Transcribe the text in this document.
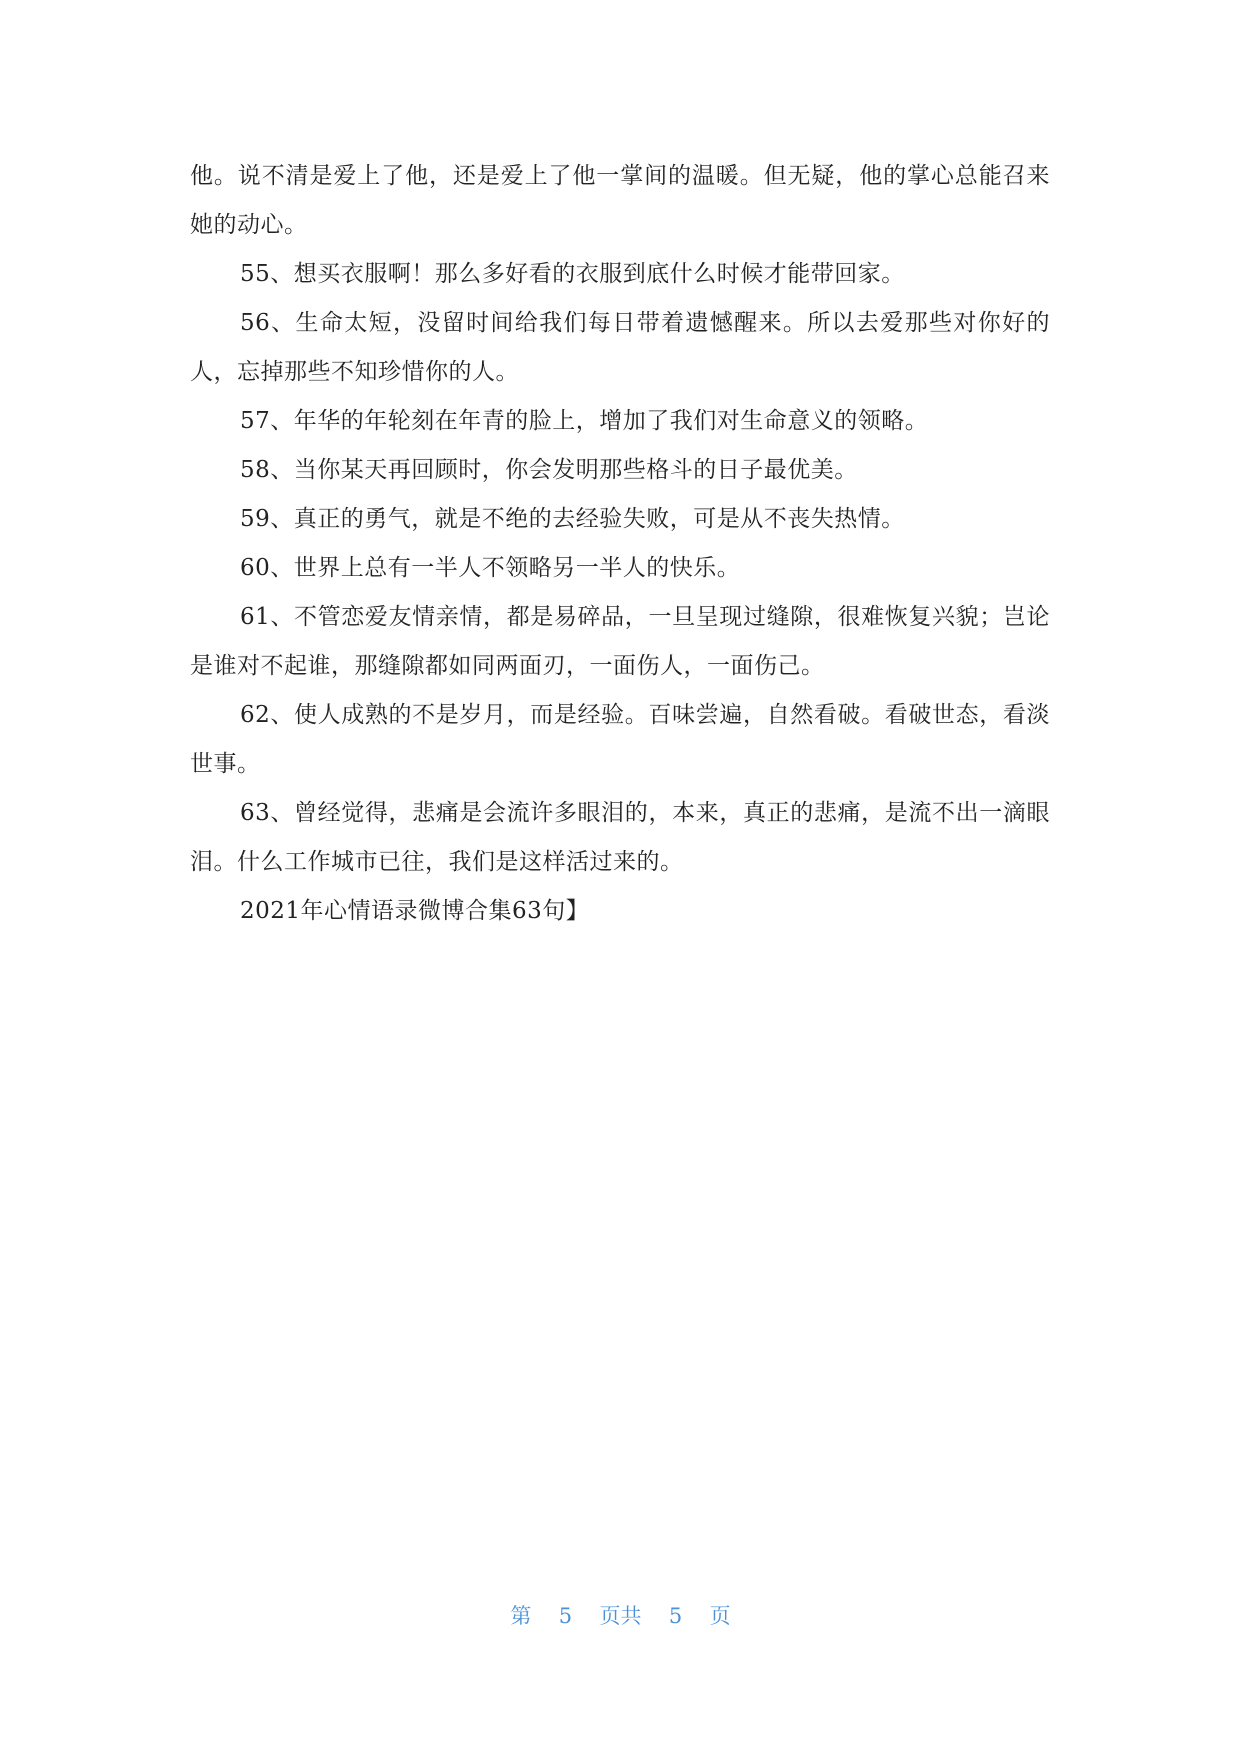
他。说不清是爱上了他，还是爱上了他一掌间的温暖。但无疑，他的掌心总能召来她的动心。

55、想买衣服啊！那么多好看的衣服到底什么时候才能带回家。

56、生命太短，没留时间给我们每日带着遗憾醒来。所以去爱那些对你好的人，忘掉那些不知珍惜你的人。

57、年华的年轮刻在年青的脸上，增加了我们对生命意义的领略。

58、当你某天再回顾时，你会发明那些格斗的日子最优美。

59、真正的勇气，就是不绝的去经验失败，可是从不丧失热情。

60、世界上总有一半人不领略另一半人的快乐。

61、不管恋爱友情亲情，都是易碎品，一旦呈现过缝隙，很难恢复兴貌；岂论是谁对不起谁，那缝隙都如同两面刃，一面伤人，一面伤己。

62、使人成熟的不是岁月，而是经验。百味尝遍，自然看破。看破世态，看淡世事。

63、曾经觉得，悲痛是会流许多眼泪的，本来，真正的悲痛，是流不出一滴眼泪。什么工作城市已往，我们是这样活过来的。

2021年心情语录微博合集63句】

第 5 页共 5 页
